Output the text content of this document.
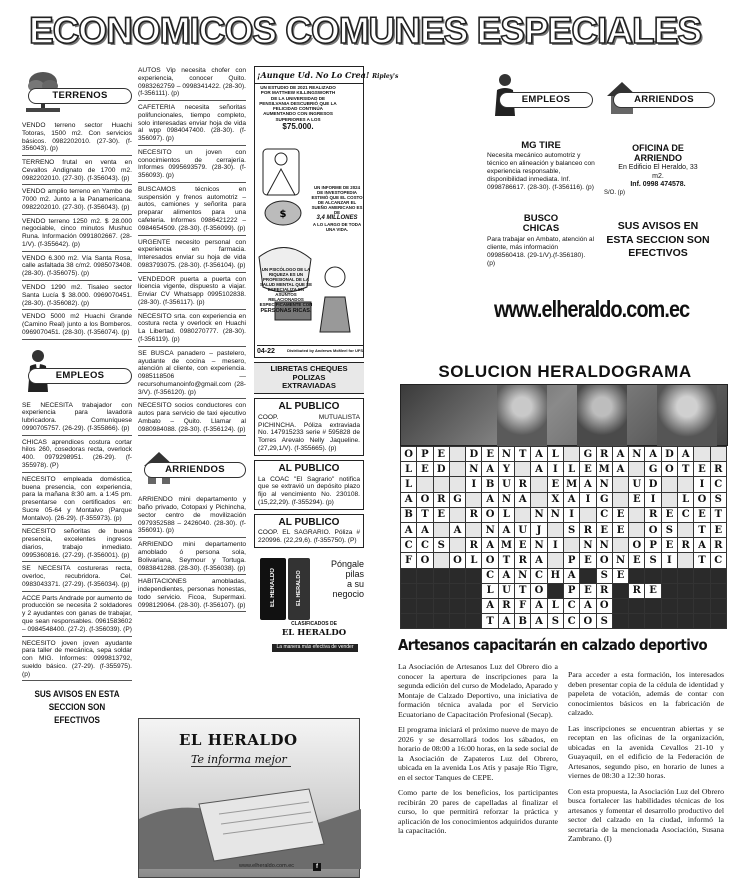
ECONOMICOS COMUNES ESPECIALES
TERRENOS
VENDO terreno sector Huachi Totoras, 1500 m2. Con servicios básicos. 0982202010. (27-30). (f-356043). (p)
TERRENO frutal en venta en Cevallos Andignato de 1700 m2. 0982202010. (27-30). (f-356043). (p)
VENDO amplio terreno en Yambo de 7000 m2. Junto a la Panamericana. 0982202010. (27-30). (f-356043). (p)
VENDO terreno 1250 m2. $ 28.000 negociable, cinco minutos Mushuc Runa. Información 0991802667. (28-1/V). (f-355642). (p)
VENDO 6.300 m2. Vía Santa Rosa, calle asfaltada 38 c/m2. 0985073408. (28-30). (f-356075). (p)
VENDO 1290 m2. Tisaleo sector Santa Lucía $ 38.000. 0969070451. (28-30). (f-356082). (p)
VENDO 5000 m2 Huachi Grande (Camino Real) junto a los Bomberos. 0969070451. (28-30). (f-356074). (p)
EMPLEOS
SE NECESITA trabajador con experiencia para lavadora lubricadora. Comuníquese 0990705757. (26-29). (f-355866). (p)
CHICAS aprendices costura cortar hilos 260, cosedoras recta, overlock 400. 0979298951. (26-29). (f-355978). (P)
NECESITO empleada doméstica, buena presencia, con experiencia, para la mañana 8:30 am. a 1:45 pm. presentarse con certificados en: Sucre 05-64 y Montalvo (Parque Montalvo). (26-29). (f-355973). (p)
NECESITO señoritas de buena presencia, excelentes ingresos diarios, trabajo inmediato. 0995360816. (27-29). (f-356001). (p)
SE NECESITA costureras recta, overloc, recubridora. Cel. 0983043371. (27-29). (f-356034). (p)
ACCE Parts Andrade por aumento de producción se necesita 2 soldadores y 2 ayudantes con ganas de trabajar, que sean responsables. 0961583602 – 0984548400. (27-2). (f-356039). (P)
NECESITO joven joven ayudante para taller de mecánica, sepa soldar con MIG. Informes: 0999813792, sueldo básico. (27-29). (f-355975). (p)
SUS AVISOS EN ESTA SECCION SON EFECTIVOS
AUTOS Vip necesita chofer con experiencia, conocer Quito. 0983262759 – 0998341422. (28-30). (f-356111). (p)
CAFETERIA necesita señoritas polifuncionales, tiempo completo, solo interesadas enviar hoja de vida al wpp 0984047400. (28-30). (f-356097). (p)
NECESITO un joven con conocimientos de cerrajería. Informes 0995693579. (28-30). (f-356093). (p)
BUSCAMOS técnicos en suspensión y frenos automotriz – autos, camiones y señorita para preparar alimentos para una cafetería. Informes 0986421222 – 0984654509. (28-30). (f-356099). (p)
URGENTE necesito personal con experiencia en farmacia. Interesados enviar su hoja de vida 0983793075. (28-30). (f-356104). (p)
VENDEDOR puerta a puerta con licencia vigente, dispuesto a viajar. Enviar CV Whatsapp 0995102838. (28-30). (f-356117). (p)
NECESITO srta. con experiencia en costura recta y overlock en Huachi La Libertad. 0980270777. (28-30). (f-356119). (p)
SE BUSCA panadero – pastelero, ayudante de cocina – mesero, atención al cliente, con experiencia. 0985118506 — recursohumanoinfo@gmail.com (28-3/V). (f-356120). (p)
NECESITO socios conductores con autos para servicio de taxi ejecutivo Ambato – Quito. Llamar al 0980984088. (28-30). (f-356124). (p)
ARRIENDOS
ARRIENDO mini departamento y baño privado, Cotopaxi y Pichincha, sector centro de movilización 0979352588 – 2426040. (28-30). (f-356091). (p)
ARRIENDO mini departamento amoblado ó persona sola, Bolivariana, Seymour y Tortuga. 0983841288. (28-30). (f-356038). (p)
HABITACIONES amobladas, independientes, personas honestas, todo servicio. Ficoa, Supermaxi. 0998129064. (28-30). (f-356107). (p)
¡Aunque Ud. No Lo Crea! Ripley's
UN ESTUDIO DE 2021 REALIZADO POR MATTHEW KILLINGSWORTH DE LA UNIVERSIDAD DE PENSILVANIA DESCUBRIÓ QUE LA FELICIDAD CONTINÚA AUMENTANDO CON INGRESOS SUPERIORES A LOS
$75.000.
$
UN INFORME DE 2024 DE INVESTOPEDIA ESTIMÓ QUE EL COSTO DE ALCANZAR EL SUEÑO AMERICANO ES DE
3,4 MILLONES
A LO LARGO DE TODA UNA VIDA.
UN PSICÓLOGO DE LA RIQUEZA ES UN PROFESIONAL DE LA SALUD MENTAL QUE SE ESPECIALIZA EN ASUNTOS RELACIONADOS ESPECÍFICAMENTE CON
PERSONAS RICAS.
04-22	Distributed by Andrews McMeel for UFS
LIBRETAS CHEQUES POLIZAS EXTRAVIADAS
AL PUBLICO
COOP. MUTUALISTA PICHINCHA. Póliza extraviada No. 147915233 serie # 595828 de Torres Arevalo Nelly Jaqueline. (27,29,1/V). (f-355665). (p)
AL PUBLICO
La COAC "El Sagrario" notifica que se extravió un depósito plazo fijo al vencimiento No. 230108. (15,22,29). (f-355294). (p)
AL PUBLICO
COOP. EL SAGRARIO. Póliza # 220996. (22,29,6). (f-355750). (P)
EL HERALDO	EL HERALDO
Póngale
pilas
a su
negocio
CLASIFICADOS DE
EL HERALDO
La manera más efectiva de vender
EL HERALDO
Te informa mejor
www.elheraldo.com.ec	f
EMPLEOS	ARRIENDOS
MG TIRE
Necesita mecánico automotriz y técnico en alineación y balanceo con experiencia responsable, disponibilidad inmediata. Inf. 0998786617. (28-30). (f-356116). (p)
BUSCO CHICAS
Para trabajar en Ambato, atención al cliente, más información 0998560418. (29-1/V).(f-356180). (p)
OFICINA DE ARRIENDO
En Edificio El Heraldo, 33 m2.
Inf. 0998 474578.
S/O. (p)
SUS AVISOS EN ESTA SECCION SON EFECTIVOS
www.elheraldo.com.ec
SOLUCION HERALDOGRAMA
O	P	E		D	E	N	T	A	L		G	R	A	N	A	D	A		
L	E	D		N	A	Y		A	I	L	E	M	A		G	O	T	E	R
L				I	B	U	R		E	M	A	N		U	D			I	C
A	O	R	G		A	N	A		X	A	I	G		E	I		L	O	S
B	T	E		R	O	L		N	N	I		C	E		R	E	C	E	T
A	A		A		N	A	U	J		S	R	E	E		O	S		T	E
C	C	S		R	A	M	E	N	I		N	N		O	P	E	R	A	R
F	O		O	L	O	T	R	A		P	E	O	N	E	S	I		T	C
					C	A	N	C	H	A		S	E						
					L	U	T	O		P	E	R		R	E				
					A	R	F	A	L	C	A	O							
					T	A	B	A	S	C	O	S							
Artesanos capacitarán en calzado deportivo

La Asociación de Artesanos Luz del Obrero dio a conocer la apertura de inscripciones para la segunda edición del curso de Modelado, Aparado y Montaje de Calzado Deportivo, una iniciativa de formación técnica avalada por el Servicio Ecuatoriano de Capacitación Profesional (Secap).

El programa iniciará el próximo nueve de mayo de 2026 y se desarrollará todos los sábados, en horario de 08:00 a 16:00 horas, en la sede social de la Asociación de Zapateros Luz del Obrero, ubicada en la avenida Los Atís y pasaje Río Tigre, en el sector Tanques de CEPE.

Como parte de los beneficios, los participantes recibirán 20 pares de capelladas al finalizar el curso, lo que permitirá reforzar la práctica y aplicación de los conocimientos adquiridos durante la capacitación.

Para acceder a esta formación, los interesados deben presentar copia de la cédula de identidad y papeleta de votación, además de contar con conocimientos básicos en la fabricación de calzado.

Las inscripciones se encuentran abiertas y se receptan en las oficinas de la organización, ubicadas en la avenida Cevallos 21-10 y Guayaquil, en el edificio de la Federación de Artesanos, segundo piso, en horario de lunes a viernes de 08:30 a 12:30 horas.

Con esta propuesta, la Asociación Luz del Obrero busca fortalecer las habilidades técnicas de los artesanos y fomentar el desarrollo productivo del sector del calzado en la ciudad, informó la secretaria de la mencionada Asociación, Susana Zambrano. (I)
